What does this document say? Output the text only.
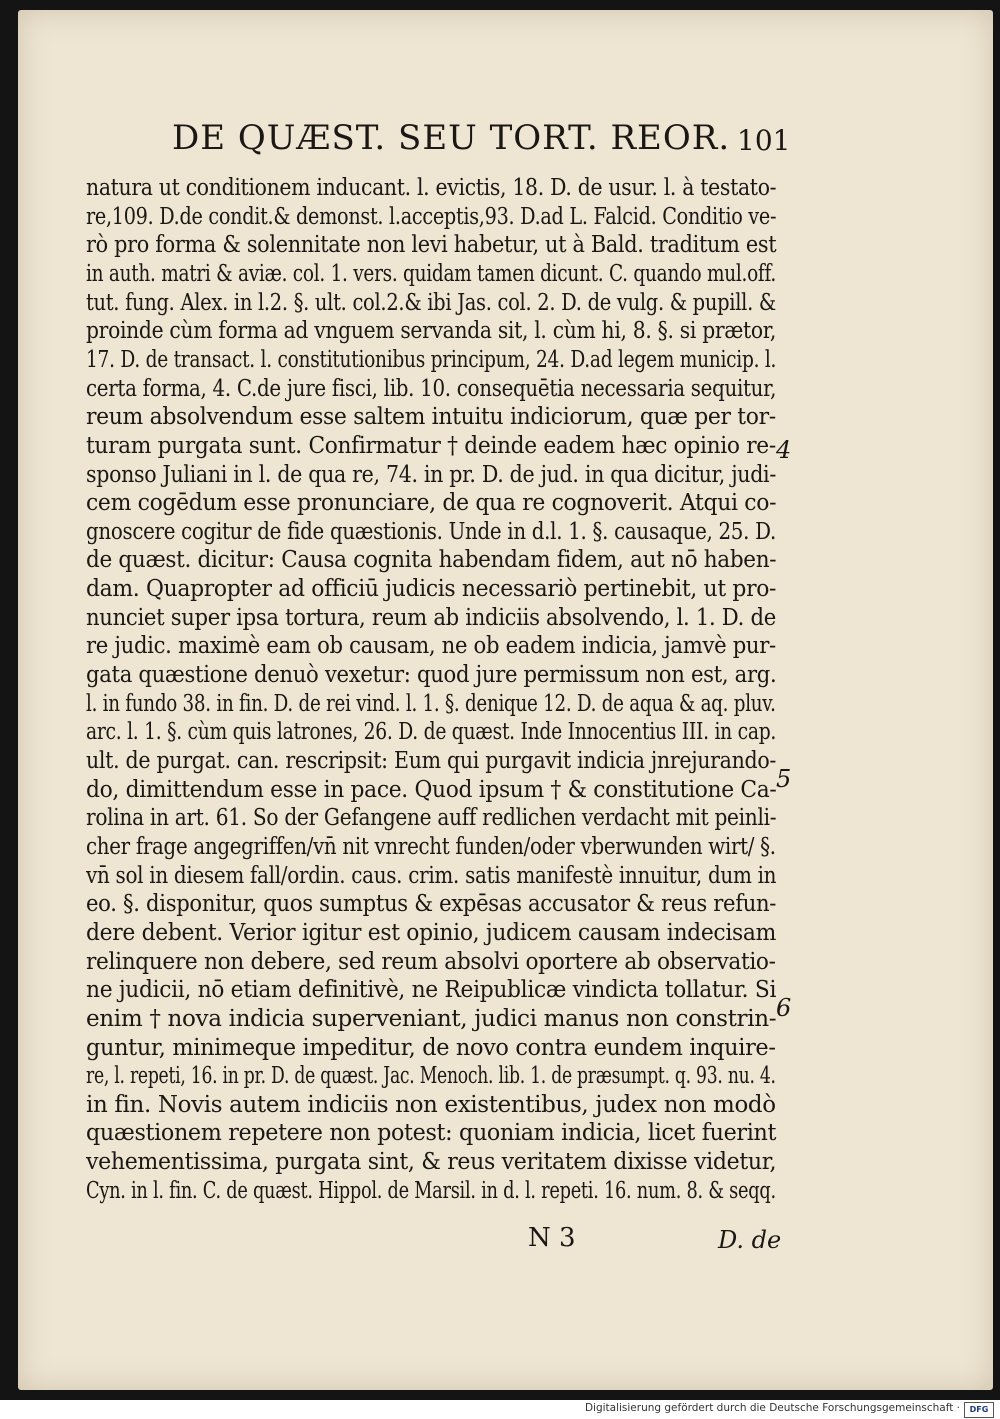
DE QUÆST. SEU TORT. REOR. 101
natura ut conditionem inducant. l. evictis, 18. D. de usur. l. à testato-
re,109. D.de condit.& demonst. l.acceptis,93. D.ad L. Falcid. Conditio ve-
rò pro forma & solennitate non levi habetur, ut à Bald. traditum est
in auth. matri & aviæ. col. 1. vers. quidam tamen dicunt. C. quando mul.off.
tut. fung. Alex. in l.2. §. ult. col.2.& ibi Jas. col. 2. D. de vulg. & pupill. &
proinde cùm forma ad vnguem servanda sit, l. cùm hi, 8. §. si prætor,
17. D. de transact. l. constitutionibus principum, 24. D.ad legem municip. l.
certa forma, 4. C.de jure fisci, lib. 10. consequētia necessaria sequitur,
reum absolvendum esse saltem intuitu indiciorum, quæ per tor-
turam purgata sunt. Confirmatur † deinde eadem hæc opinio re-
sponso Juliani in l. de qua re, 74. in pr. D. de jud. in qua dicitur, judi-
cem cogēdum esse pronunciare, de qua re cognoverit. Atqui co-
gnoscere cogitur de fide quæstionis. Unde in d.l. 1. §. causaque, 25. D.
de quæst. dicitur: Causa cognita habendam fidem, aut nō haben-
dam. Quapropter ad officiū judicis necessariò pertinebit, ut pro-
nunciet super ipsa tortura, reum ab indiciis absolvendo, l. 1. D. de
re judic. maximè eam ob causam, ne ob eadem indicia, jamvè pur-
gata quæstione denuò vexetur: quod jure permissum non est, arg.
l. in fundo 38. in fin. D. de rei vind. l. 1. §. denique 12. D. de aqua & aq. pluv.
arc. l. 1. §. cùm quis latrones, 26. D. de quæst. Inde Innocentius III. in cap.
ult. de purgat. can. rescripsit: Eum qui purgavit indicia jnrejurando-
do, dimittendum esse in pace. Quod ipsum † & constitutione Ca-
rolina in art. 61. So der Gefangene auff redlichen verdacht mit peinli-
cher frage angegriffen/vn̄ nit vnrecht funden/oder vberwunden wirt/ §.
vn̄ sol in diesem fall/ordin. caus. crim. satis manifestè innuitur, dum in
eo. §. disponitur, quos sumptus & expēsas accusator & reus refun-
dere debent. Verior igitur est opinio, judicem causam indecisam
relinquere non debere, sed reum absolvi oportere ab observatio-
ne judicii, nō etiam definitivè, ne Reipublicæ vindicta tollatur. Si
enim † nova indicia superveniant, judici manus non constrin-
guntur, minimeque impeditur, de novo contra eundem inquire-
re, l. repeti, 16. in pr. D. de quæst. Jac. Menoch. lib. 1. de præsumpt. q. 93. nu. 4.
in fin. Novis autem indiciis non existentibus, judex non modò
quæstionem repetere non potest: quoniam indicia, licet fuerint
vehementissima, purgata sint, & reus veritatem dixisse videtur,
Cyn. in l. fin. C. de quæst. Hippol. de Marsil. in d. l. repeti. 16. num. 8. & seqq.
4
5
6
N 3	D. de
Digitalisierung gefördert durch die Deutsche Forschungsgemeinschaft ·	DFG
